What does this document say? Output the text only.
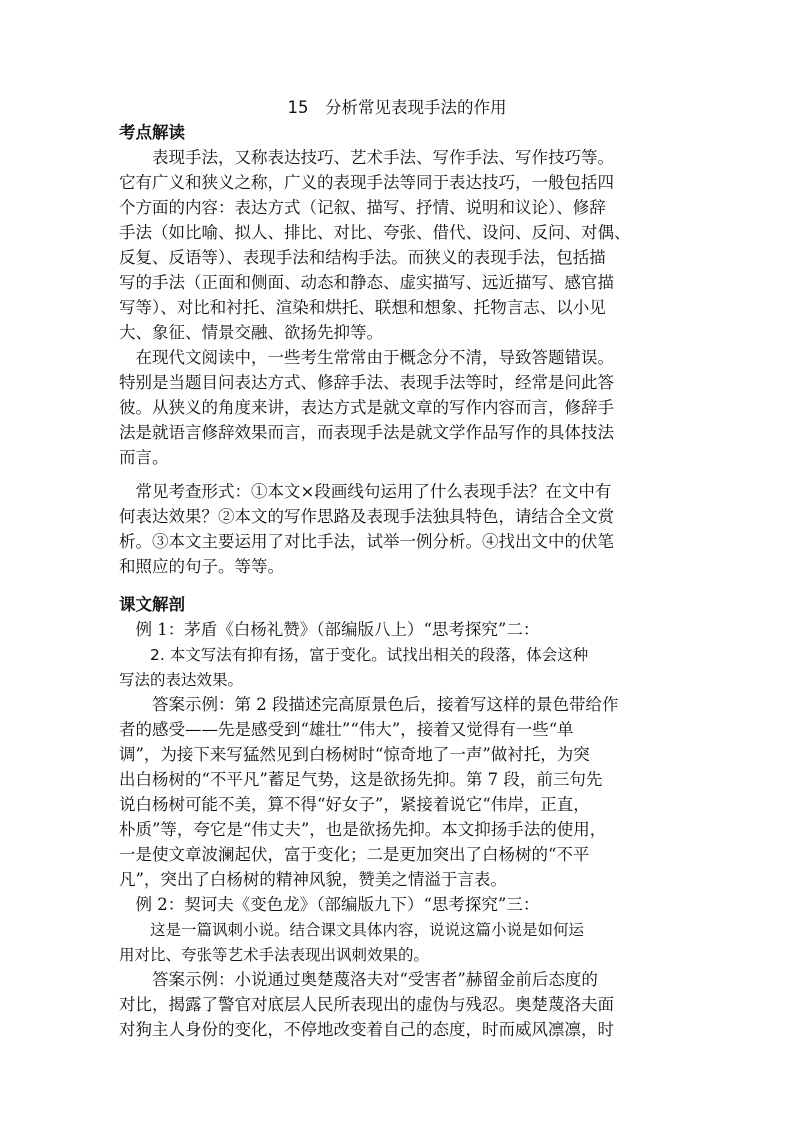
15　分析常见表现手法的作用
考点解读
　　表现手法，又称表达技巧、艺术手法、写作手法、写作技巧等。
它有广义和狭义之称，广义的表现手法等同于表达技巧，一般包括四
个方面的内容：表达方式（记叙、描写、抒情、说明和议论）、修辞
手法（如比喻、拟人、排比、对比、夸张、借代、设问、反问、对偶、
反复、反语等）、表现手法和结构手法。而狭义的表现手法，包括描
写的手法（正面和侧面、动态和静态、虚实描写、远近描写、感官描
写等）、对比和衬托、渲染和烘托、联想和想象、托物言志、以小见
大、象征、情景交融、欲扬先抑等。
　在现代文阅读中，一些考生常常由于概念分不清，导致答题错误。
特别是当题目问表达方式、修辞手法、表现手法等时，经常是问此答
彼。从狭义的角度来讲，表达方式是就文章的写作内容而言，修辞手
法是就语言修辞效果而言，而表现手法是就文学作品写作的具体技法
而言。
　常见考查形式：①本文×段画线句运用了什么表现手法？在文中有
何表达效果？②本文的写作思路及表现手法独具特色，请结合全文赏
析。③本文主要运用了对比手法，试举一例分析。④找出文中的伏笔
和照应的句子。等等。
课文解剖
　例 1：茅盾《白杨礼赞》（部编版八上）“思考探究”二：
　　2. 本文写法有抑有扬，富于变化。试找出相关的段落，体会这种
写法的表达效果。
　　答案示例：第 2 段描述完高原景色后，接着写这样的景色带给作
者的感受——先是感受到“雄壮”“伟大”，接着又觉得有一些“单
调”，为接下来写猛然见到白杨树时“惊奇地了一声”做衬托，为突
出白杨树的“不平凡”蓄足气势，这是欲扬先抑。第 7 段，前三句先
说白杨树可能不美，算不得“好女子”，紧接着说它“伟岸，正直，
朴质”等，夸它是“伟丈夫”，也是欲扬先抑。本文抑扬手法的使用，
一是使文章波澜起伏，富于变化；二是更加突出了白杨树的“不平
凡”，突出了白杨树的精神风貌，赞美之情溢于言表。
　例 2：契诃夫《变色龙》（部编版九下）“思考探究”三：
　　这是一篇讽刺小说。结合课文具体内容，说说这篇小说是如何运
用对比、夸张等艺术手法表现出讽刺效果的。
　　答案示例：小说通过奥楚蔑洛夫对“受害者”赫留金前后态度的
对比，揭露了警官对底层人民所表现出的虚伪与残忍。奥楚蔑洛夫面
对狗主人身份的变化，不停地改变着自己的态度，时而威风凛凛，时
